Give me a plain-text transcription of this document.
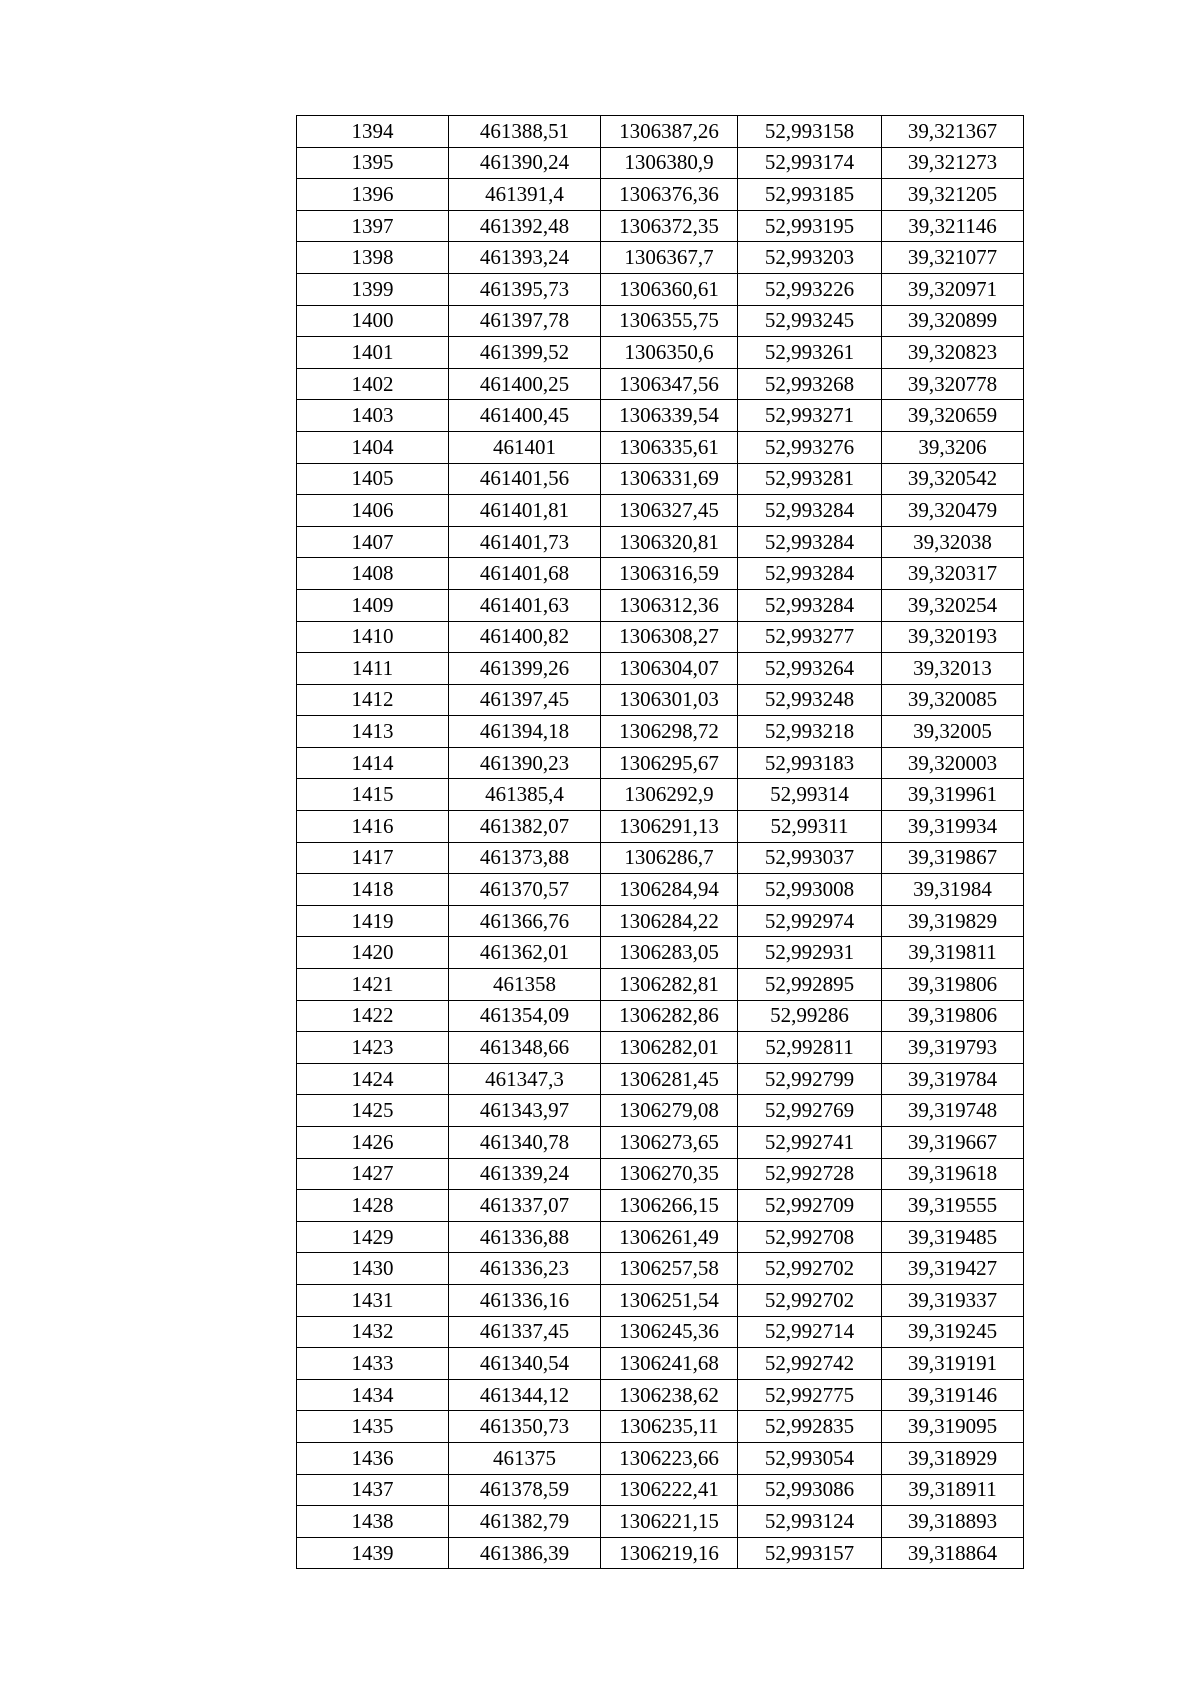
1394	461388,51	1306387,26	52,993158	39,321367
1395	461390,24	1306380,9	52,993174	39,321273
1396	461391,4	1306376,36	52,993185	39,321205
1397	461392,48	1306372,35	52,993195	39,321146
1398	461393,24	1306367,7	52,993203	39,321077
1399	461395,73	1306360,61	52,993226	39,320971
1400	461397,78	1306355,75	52,993245	39,320899
1401	461399,52	1306350,6	52,993261	39,320823
1402	461400,25	1306347,56	52,993268	39,320778
1403	461400,45	1306339,54	52,993271	39,320659
1404	461401	1306335,61	52,993276	39,3206
1405	461401,56	1306331,69	52,993281	39,320542
1406	461401,81	1306327,45	52,993284	39,320479
1407	461401,73	1306320,81	52,993284	39,32038
1408	461401,68	1306316,59	52,993284	39,320317
1409	461401,63	1306312,36	52,993284	39,320254
1410	461400,82	1306308,27	52,993277	39,320193
1411	461399,26	1306304,07	52,993264	39,32013
1412	461397,45	1306301,03	52,993248	39,320085
1413	461394,18	1306298,72	52,993218	39,32005
1414	461390,23	1306295,67	52,993183	39,320003
1415	461385,4	1306292,9	52,99314	39,319961
1416	461382,07	1306291,13	52,99311	39,319934
1417	461373,88	1306286,7	52,993037	39,319867
1418	461370,57	1306284,94	52,993008	39,31984
1419	461366,76	1306284,22	52,992974	39,319829
1420	461362,01	1306283,05	52,992931	39,319811
1421	461358	1306282,81	52,992895	39,319806
1422	461354,09	1306282,86	52,99286	39,319806
1423	461348,66	1306282,01	52,992811	39,319793
1424	461347,3	1306281,45	52,992799	39,319784
1425	461343,97	1306279,08	52,992769	39,319748
1426	461340,78	1306273,65	52,992741	39,319667
1427	461339,24	1306270,35	52,992728	39,319618
1428	461337,07	1306266,15	52,992709	39,319555
1429	461336,88	1306261,49	52,992708	39,319485
1430	461336,23	1306257,58	52,992702	39,319427
1431	461336,16	1306251,54	52,992702	39,319337
1432	461337,45	1306245,36	52,992714	39,319245
1433	461340,54	1306241,68	52,992742	39,319191
1434	461344,12	1306238,62	52,992775	39,319146
1435	461350,73	1306235,11	52,992835	39,319095
1436	461375	1306223,66	52,993054	39,318929
1437	461378,59	1306222,41	52,993086	39,318911
1438	461382,79	1306221,15	52,993124	39,318893
1439	461386,39	1306219,16	52,993157	39,318864
